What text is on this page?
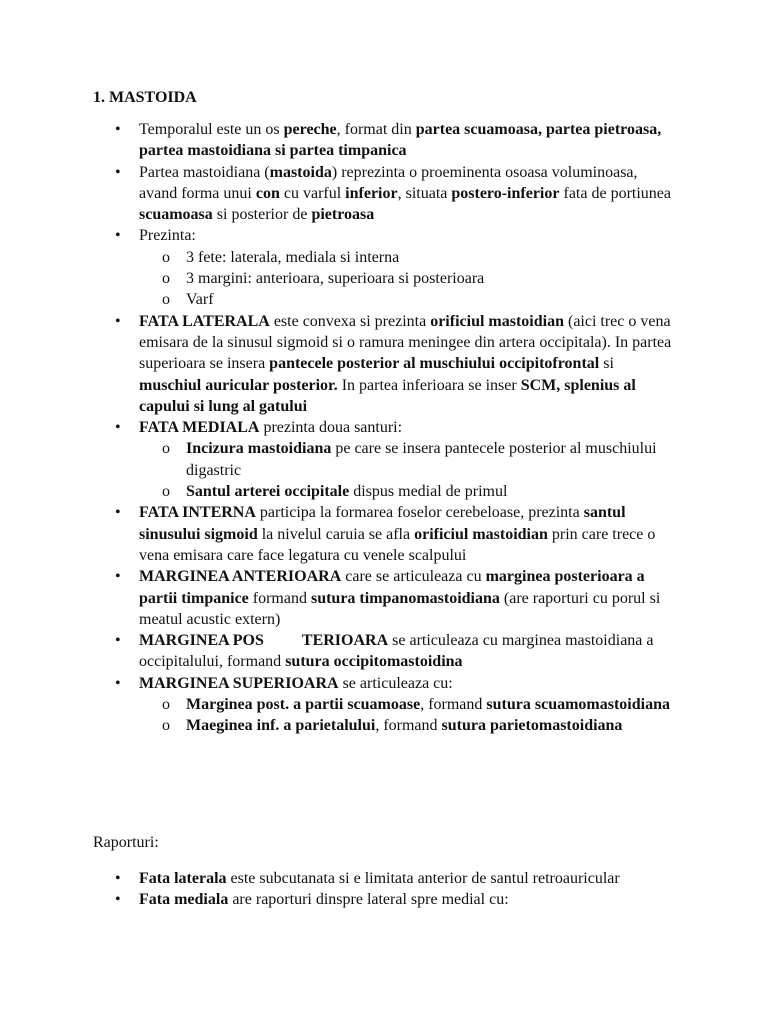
1. MASTOIDA
• Temporalul este un os pereche, format din partea scuamoasa, partea pietroasa, partea mastoidiana si partea timpanica
• Partea mastoidiana (mastoida) reprezinta o proeminenta osoasa voluminoasa, avand forma unui con cu varful inferior, situata postero-inferior fata de portiunea scuamoasa si posterior de pietroasa
• Prezinta:
o 3 fete: laterala, mediala si interna
o 3 margini: anterioara, superioara si posterioara
o Varf
• FATA LATERALA este convexa si prezinta orificiul mastoidian (aici trec o vena emisara de la sinusul sigmoid si o ramura meningee din artera occipitala). In partea superioara se insera pantecele posterior al muschiului occipitofrontal si muschiul auricular posterior. In partea inferioara se inser SCM, splenius al capului si lung al gatului
• FATA MEDIALA prezinta doua santuri:
o Incizura mastoidiana pe care se insera pantecele posterior al muschiului digastric
o Santul arterei occipitale dispus medial de primul
• FATA INTERNA participa la formarea foselor cerebeloase, prezinta santul sinusului sigmoid la nivelul caruia se afla orificiul mastoidian prin care trece o vena emisara care face legatura cu venele scalpului
• MARGINEA ANTERIOARA care se articuleaza cu marginea posterioara a partii timpanice formand sutura timpanomastoidiana (are raporturi cu porul si meatul acustic extern)
• MARGINEA POS TERIOARA se articuleaza cu marginea mastoidiana a occipitalului, formand sutura occipitomastoidina
• MARGINEA SUPERIOARA se articuleaza cu:
o Marginea post. a partii scuamoase, formand sutura scuamomastoidiana
o Maeginea inf. a parietalului, formand sutura parietomastoidiana
Raporturi:
• Fata laterala este subcutanata si e limitata anterior de santul retroauricular
• Fata mediala are raporturi dinspre lateral spre medial cu:
